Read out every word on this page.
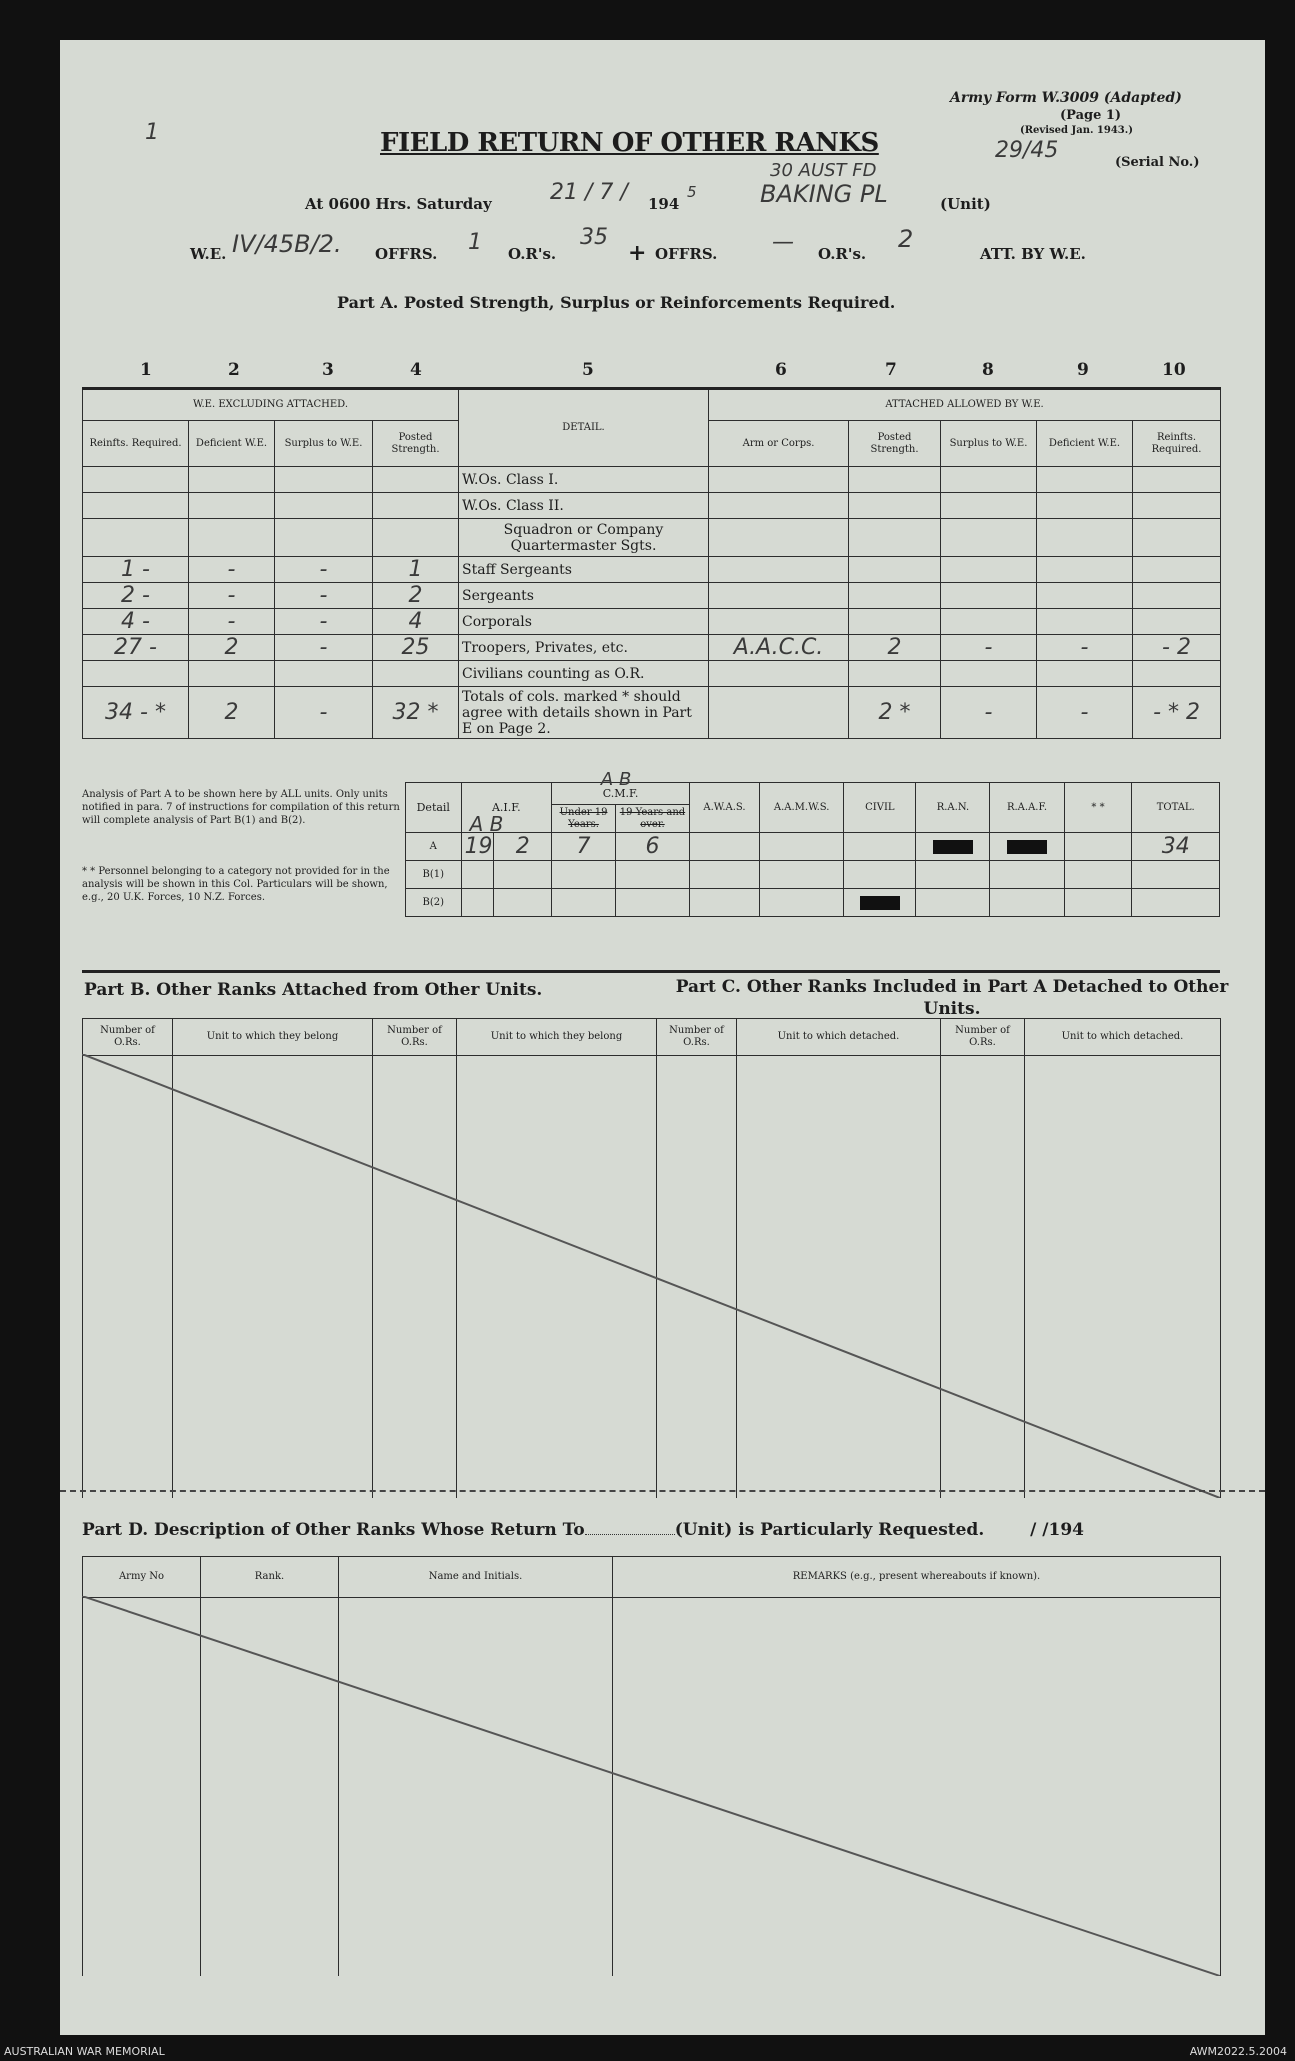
1
Army Form W.3009 (Adapted)
(Page 1)
(Revised Jan. 1943.)
29/45	(Serial No.)
FIELD RETURN OF OTHER RANKS
At 0600 Hrs. Saturday	21 / 7 / 194
5
30 AUST FD
BAKING PL	(Unit)
W.E. IV/45B/2. OFFRS. 1 O.R's.
35
+ OFFRS. — O.R's.
2
ATT. BY W.E.
Part A. Posted Strength, Surplus or Reinforcements Required.
1	2	3	4	5	6	7	8	9	10
W.E. EXCLUDING ATTACHED.				DETAIL.	ATTACHED ALLOWED BY W.E.				
Reinfts. Required.	Deficient W.E.	Surplus to W.E.	Posted Strength.		Arm or Corps.	Posted Strength.	Surplus to W.E.	Deficient W.E.	Reinfts. Required.
				W.Os. Class I.					
				W.Os. Class II.					
				Squadron or Company Quartermaster Sgts.					
1 -	-	-	1	Staff Sergeants					
2 -	-	-	2	Sergeants					
4 -	-	-	4	Corporals					
27 -	2	-	25	Troopers, Privates, etc.	A.A.C.C.	2	-	-	- 2
				Civilians counting as O.R.					
34 - *	2	-	32 *	Totals of cols. marked * should agree with details shown in Part E on Page 2.		2 *	-	-	- * 2
Analysis of Part A to be shown here by ALL units. Only units notified in para. 7 of instructions for compilation of this return will complete analysis of Part B(1) and B(2).
* * Personnel belonging to a category not provided for in the analysis will be shown in this Col. Particulars will be shown, e.g., 20 U.K. Forces, 10 N.Z. Forces.
Detail	A.I.F.
A B		C.M.F.
A B		A.W.A.S.	A.A.M.W.S.	CIVIL	R.A.N.	R.A.A.F.	* *	TOTAL.
			Under 19 Years.	19 Years and over.							
A	19	2	7	6							34
B(1)											
B(2)							

Part B. Other Ranks Attached from Other Units.	Part C. Other Ranks Included in Part A Detached to Other Units.
Number of O.Rs.	Unit to which they belong	Number of O.Rs.	Unit to which they belong	Number of O.Rs.	Unit to which detached.	Number of O.Rs.	Unit to which detached.

Part D. Description of Other Ranks Whose Return To	(Unit) is Particularly Requested.	/ /194
Army No	Rank.	Name and Initials.	REMARKS (e.g., present whereabouts if known).

AUSTRALIAN WAR MEMORIAL	AWM2022.5.2004
